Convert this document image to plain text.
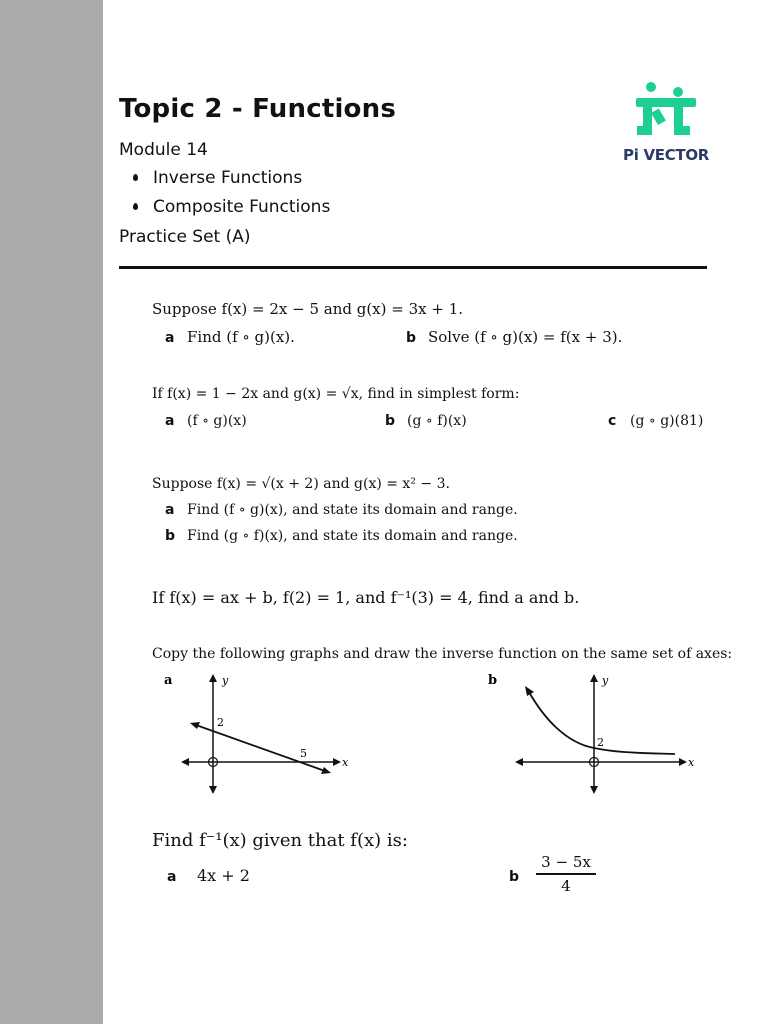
Topic 2 - Functions
Module 14
Inverse Functions
Composite Functions
Practice Set (A)
Pi VECTOR
Suppose f(x) = 2x − 5 and g(x) = 3x + 1.
a Find (f ∘ g)(x).	b Solve (f ∘ g)(x) = f(x + 3).
If f(x) = 1 − 2x and g(x) = √x, find in simplest form:
a (f ∘ g)(x)	b (g ∘ f)(x)	c (g ∘ g)(81)
Suppose f(x) = √(x + 2) and g(x) = x² − 3.
a Find (f ∘ g)(x), and state its domain and range.
b Find (g ∘ f)(x), and state its domain and range.
If f(x) = ax + b, f(2) = 1, and f⁻¹(3) = 4, find a and b.
Copy the following graphs and draw the inverse function on the same set of axes:
a	y
x
2
5
b	y
x
2
Find f⁻¹(x) given that f(x) is:
a 4x + 2	b
3 − 5x
4
